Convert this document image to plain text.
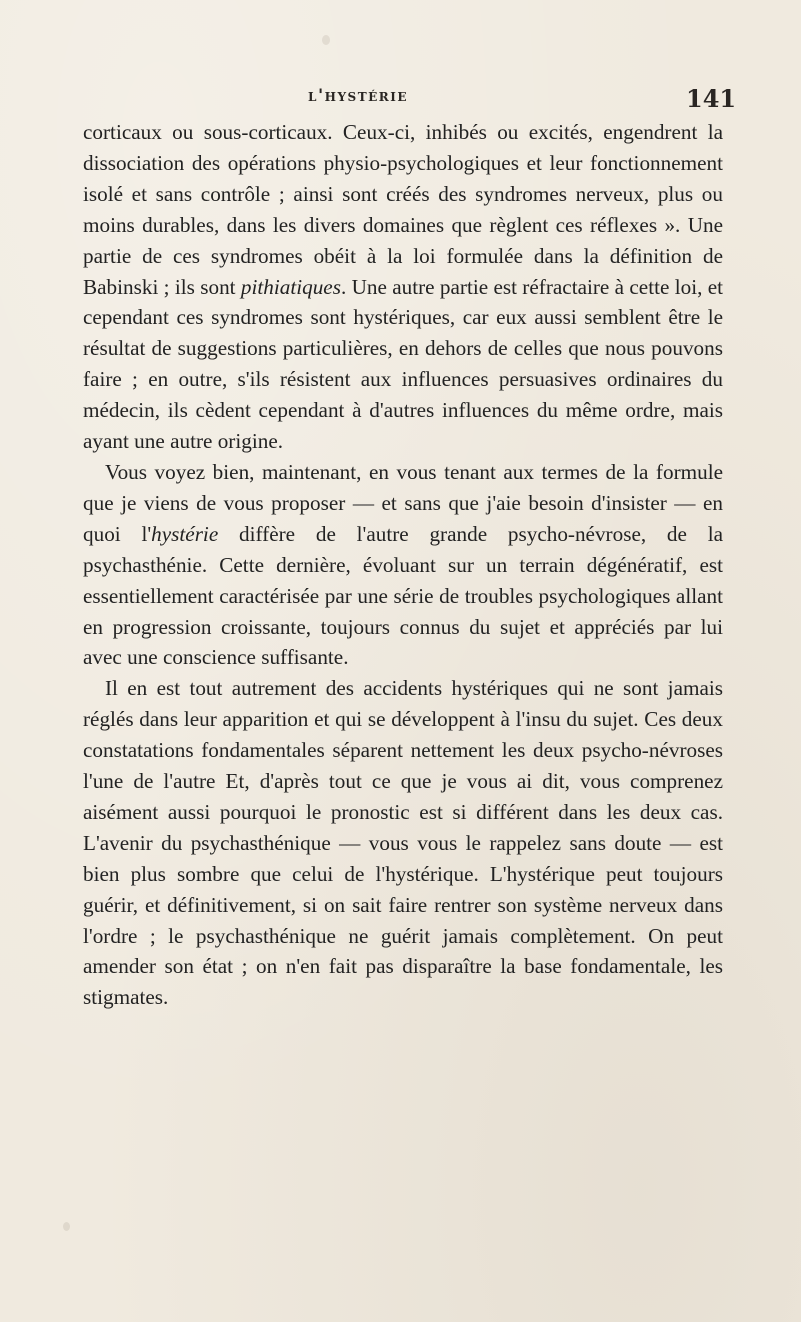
l'hystérie	141

corticaux ou sous-corticaux. Ceux-ci, inhibés ou excités, engendrent la dissociation des opérations physio-psychologiques et leur fonctionnement isolé et sans contrôle ; ainsi sont créés des syndromes nerveux, plus ou moins durables, dans les divers domaines que règlent ces réflexes ». Une partie de ces syndromes obéit à la loi formulée dans la définition de Babinski ; ils sont pithiatiques. Une autre partie est réfractaire à cette loi, et cependant ces syndromes sont hystériques, car eux aussi semblent être le résultat de suggestions particulières, en dehors de celles que nous pouvons faire ; en outre, s'ils résistent aux influences persuasives ordinaires du médecin, ils cèdent cependant à d'autres influences du même ordre, mais ayant une autre origine.

Vous voyez bien, maintenant, en vous tenant aux termes de la formule que je viens de vous proposer — et sans que j'aie besoin d'insister — en quoi l'hystérie diffère de l'autre grande psycho-névrose, de la psychasthénie. Cette dernière, évoluant sur un terrain dégénératif, est essentiellement caractérisée par une série de troubles psychologiques allant en progression croissante, toujours connus du sujet et appréciés par lui avec une conscience suffisante.

Il en est tout autrement des accidents hystériques qui ne sont jamais réglés dans leur apparition et qui se développent à l'insu du sujet. Ces deux constatations fondamentales séparent nettement les deux psycho-névroses l'une de l'autre Et, d'après tout ce que je vous ai dit, vous comprenez aisément aussi pourquoi le pronostic est si différent dans les deux cas. L'avenir du psychasthénique — vous vous le rappelez sans doute — est bien plus sombre que celui de l'hystérique. L'hystérique peut toujours guérir, et définitivement, si on sait faire rentrer son système nerveux dans l'ordre ; le psychasthénique ne guérit jamais complètement. On peut amender son état ; on n'en fait pas disparaître la base fondamentale, les stigmates.
